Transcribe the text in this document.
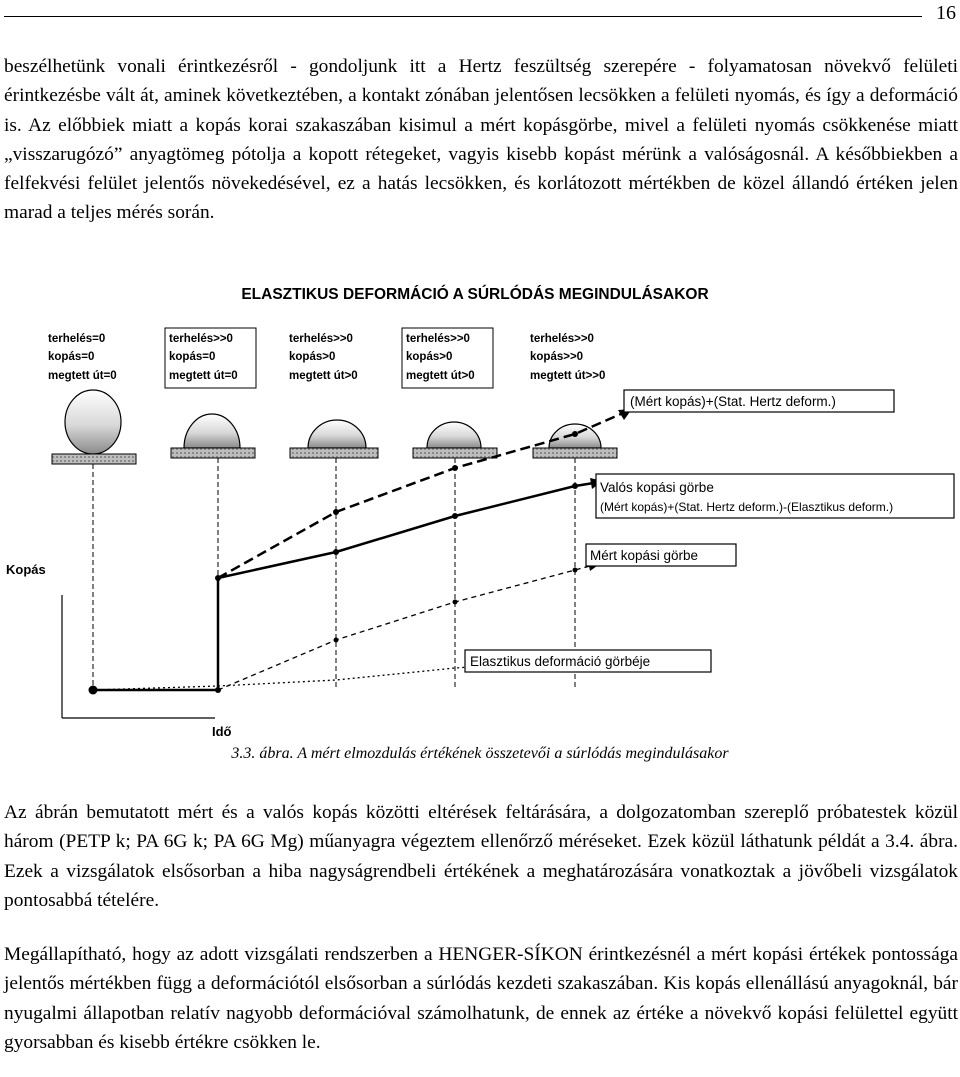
16

beszélhetünk vonali érintkezésről - gondoljunk itt a Hertz feszültség szerepére - folyamatosan növekvő felületi érintkezésbe vált át, aminek következtében, a kontakt zónában jelentősen lecsökken a felületi nyomás, és így a deformáció is. Az előbbiek miatt a kopás korai szakaszában kisimul a mért kopásgörbe, mivel a felületi nyomás csökkenése miatt „visszarugózó” anyagtömeg pótolja a kopott rétegeket, vagyis kisebb kopást mérünk a valóságosnál. A későbbiekben a felfekvési felület jelentős növekedésével, ez a hatás lecsökken, és korlátozott mértékben de közel állandó értéken jelen marad a teljes mérés során.

ELASZTIKUS DEFORMÁCIÓ A SÚRLÓDÁS MEGINDULÁSAKOR
terhelés=0
kopás=0
megtett út=0
terhelés>>0
kopás=0
megtett út=0
terhelés>>0
kopás>0
megtett út>0
terhelés>>0
kopás>0
megtett út>0
terhelés>>0
kopás>>0
megtett út>>0
Kopás
Idő
(Mért kopás)+(Stat. Hertz deform.)
Valós kopási görbe
(Mért kopás)+(Stat. Hertz deform.)-(Elasztikus deform.)
Mért kopási görbe
Elasztikus deformáció görbéje
3.3. ábra. A mért elmozdulás értékének összetevői a súrlódás megindulásakor

Az ábrán bemutatott mért és a valós kopás közötti eltérések feltárására, a dolgozatomban szereplő próbatestek közül három (PETP k; PA 6G k; PA 6G Mg) műanyagra végeztem ellenőrző méréseket. Ezek közül láthatunk példát a 3.4. ábra. Ezek a vizsgálatok elsősorban a hiba nagyságrendbeli értékének a meghatározására vonatkoztak a jövőbeli vizsgálatok pontosabbá tételére.

Megállapítható, hogy az adott vizsgálati rendszerben a HENGER-SÍKON érintkezésnél a mért kopási értékek pontossága jelentős mértékben függ a deformációtól elsősorban a súrlódás kezdeti szakaszában. Kis kopás ellenállású anyagoknál, bár nyugalmi állapotban relatív nagyobb deformációval számolhatunk, de ennek az értéke a növekvő kopási felülettel együtt gyorsabban és kisebb értékre csökken le.
